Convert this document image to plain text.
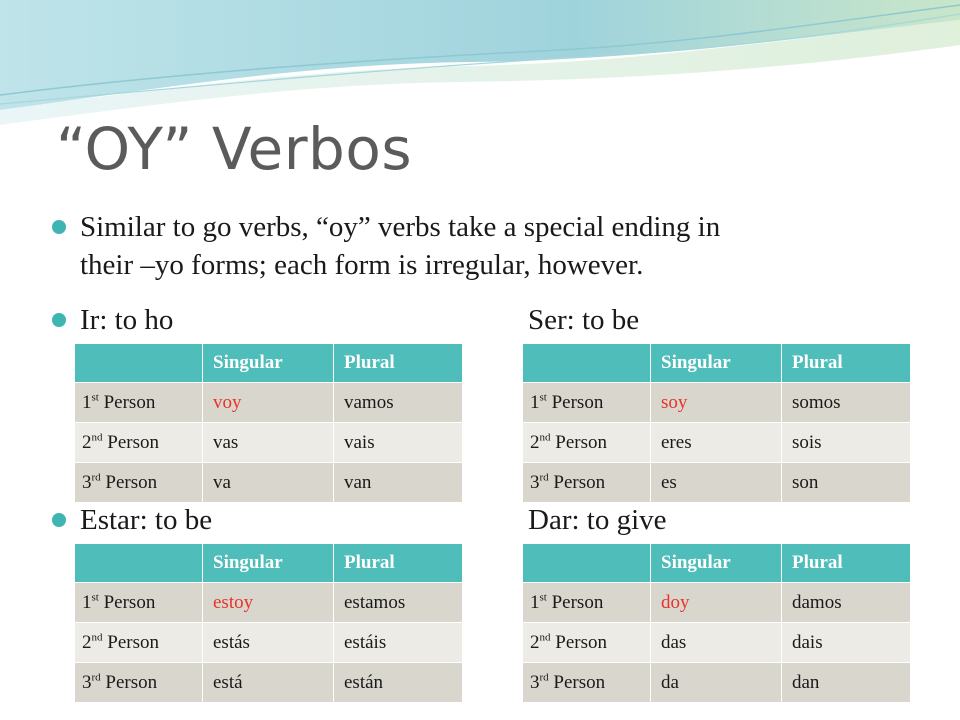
“OY” Verbos
Similar to go verbs, “oy” verbs take a special ending in
their –yo forms; each form is irregular, however.
Ir: to ho	Ser: to be
Estar: to be	Dar: to give
	Singular	Plural
1st Person	voy	vamos
2nd Person	vas	vais
3rd Person	va	van
	Singular	Plural
1st Person	soy	somos
2nd Person	eres	sois
3rd Person	es	son
	Singular	Plural
1st Person	estoy	estamos
2nd Person	estás	estáis
3rd Person	está	están
	Singular	Plural
1st Person	doy	damos
2nd Person	das	dais
3rd Person	da	dan
